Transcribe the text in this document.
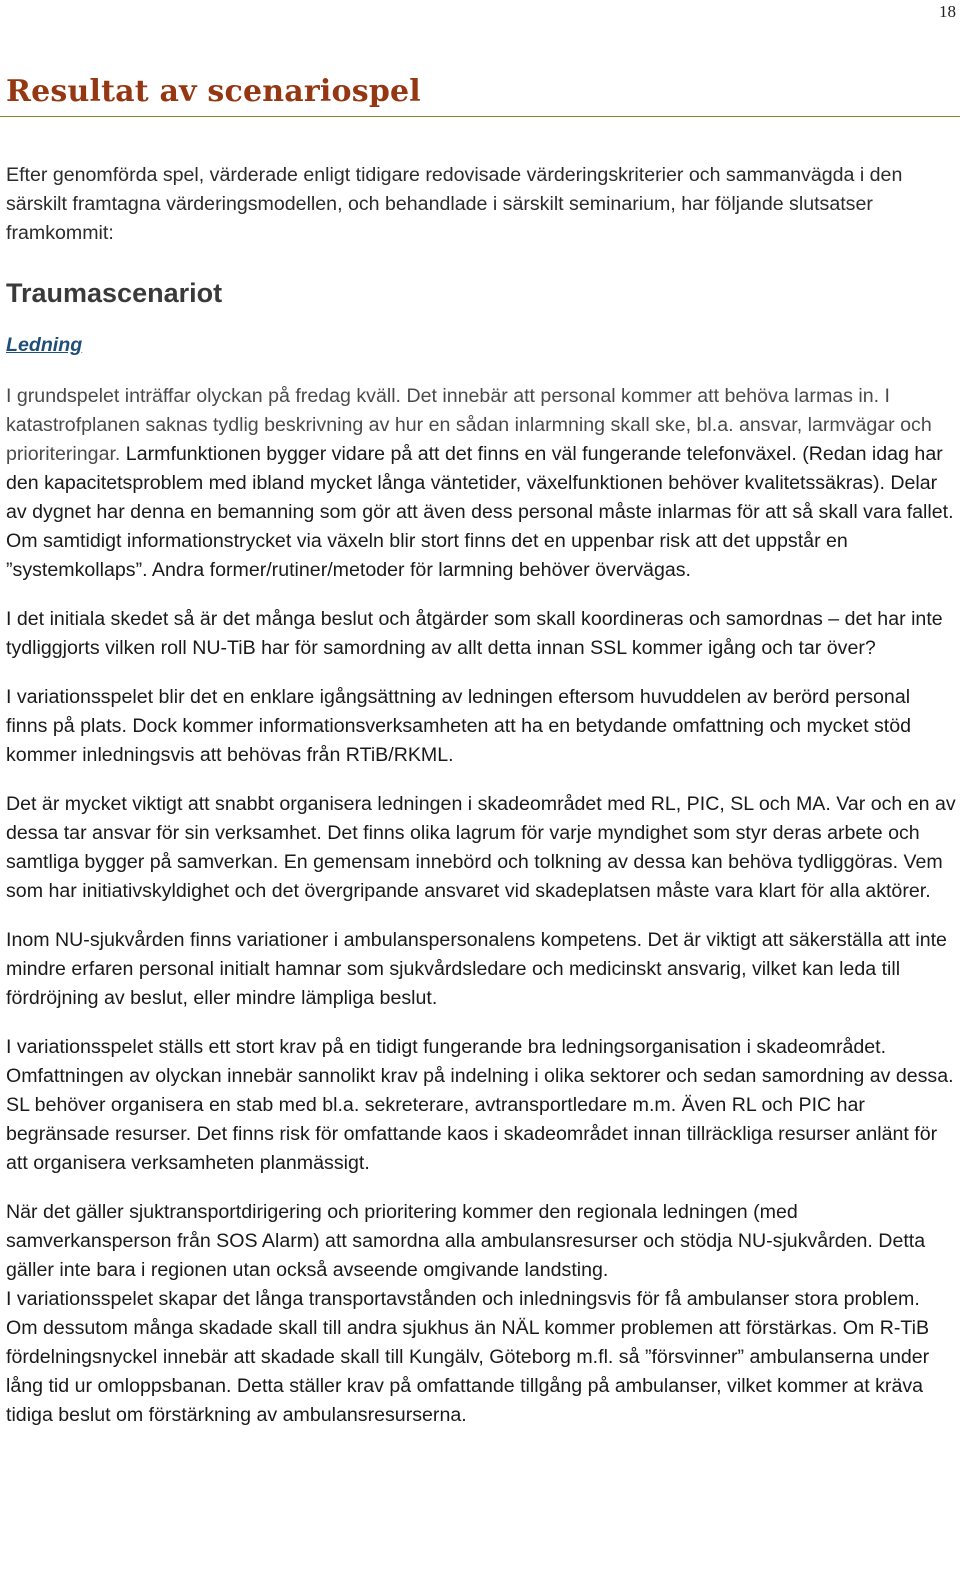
18
Resultat av scenariospel

Efter genomförda spel, värderade enligt tidigare redovisade värderingskriterier och sammanvägda i den särskilt framtagna värderingsmodellen, och behandlade i särskilt seminarium, har följande slutsatser framkommit:

Traumascenariot

Ledning

I grundspelet inträffar olyckan på fredag kväll. Det innebär att personal kommer att behöva larmas in. I katastrofplanen saknas tydlig beskrivning av hur en sådan inlarmning skall ske, bl.a. ansvar, larmvägar och prioriteringar. Larmfunktionen bygger vidare på att det finns en väl fungerande telefonväxel. (Redan idag har den kapacitetsproblem med ibland mycket långa väntetider, växelfunktionen behöver kvalitetssäkras). Delar av dygnet har denna en bemanning som gör att även dess personal måste inlarmas för att så skall vara fallet. Om samtidigt informationstrycket via växeln blir stort finns det en uppenbar risk att det uppstår en ”systemkollaps”. Andra former/rutiner/metoder för larmning behöver övervägas.

I det initiala skedet så är det många beslut och åtgärder som skall koordineras och samordnas – det har inte tydliggjorts vilken roll NU-TiB har för samordning av allt detta innan SSL kommer igång och tar över?

I variationsspelet blir det en enklare igångsättning av ledningen eftersom huvuddelen av berörd personal finns på plats. Dock kommer informationsverksamheten att ha en betydande omfattning och mycket stöd kommer inledningsvis att behövas från RTiB/RKML.

Det är mycket viktigt att snabbt organisera ledningen i skadeområdet med RL, PIC, SL och MA. Var och en av dessa tar ansvar för sin verksamhet. Det finns olika lagrum för varje myndighet som styr deras arbete och samtliga bygger på samverkan. En gemensam innebörd och tolkning av dessa kan behöva tydliggöras. Vem som har initiativskyldighet och det övergripande ansvaret vid skadeplatsen måste vara klart för alla aktörer.

Inom NU-sjukvården finns variationer i ambulanspersonalens kompetens. Det är viktigt att säkerställa att inte mindre erfaren personal initialt hamnar som sjukvårdsledare och medicinskt ansvarig, vilket kan leda till fördröjning av beslut, eller mindre lämpliga beslut.

I variationsspelet ställs ett stort krav på en tidigt fungerande bra ledningsorganisation i skadeområdet. Omfattningen av olyckan innebär sannolikt krav på indelning i olika sektorer och sedan samordning av dessa. SL behöver organisera en stab med bl.a. sekreterare, avtransportledare m.m. Även RL och PIC har begränsade resurser. Det finns risk för omfattande kaos i skadeområdet innan tillräckliga resurser anlänt för att organisera verksamheten planmässigt.

När det gäller sjuktransportdirigering och prioritering kommer den regionala ledningen (med samverkansperson från SOS Alarm) att samordna alla ambulansresurser och stödja NU-sjukvården. Detta gäller inte bara i regionen utan också avseende omgivande landsting.

I variationsspelet skapar det långa transportavstånden och inledningsvis för få ambulanser stora problem. Om dessutom många skadade skall till andra sjukhus än NÄL kommer problemen att förstärkas. Om R-TiB fördelningsnyckel innebär att skadade skall till Kungälv, Göteborg m.fl. så ”försvinner” ambulanserna under lång tid ur omloppsbanan. Detta ställer krav på omfattande tillgång på ambulanser, vilket kommer at kräva tidiga beslut om förstärkning av ambulansresurserna.
